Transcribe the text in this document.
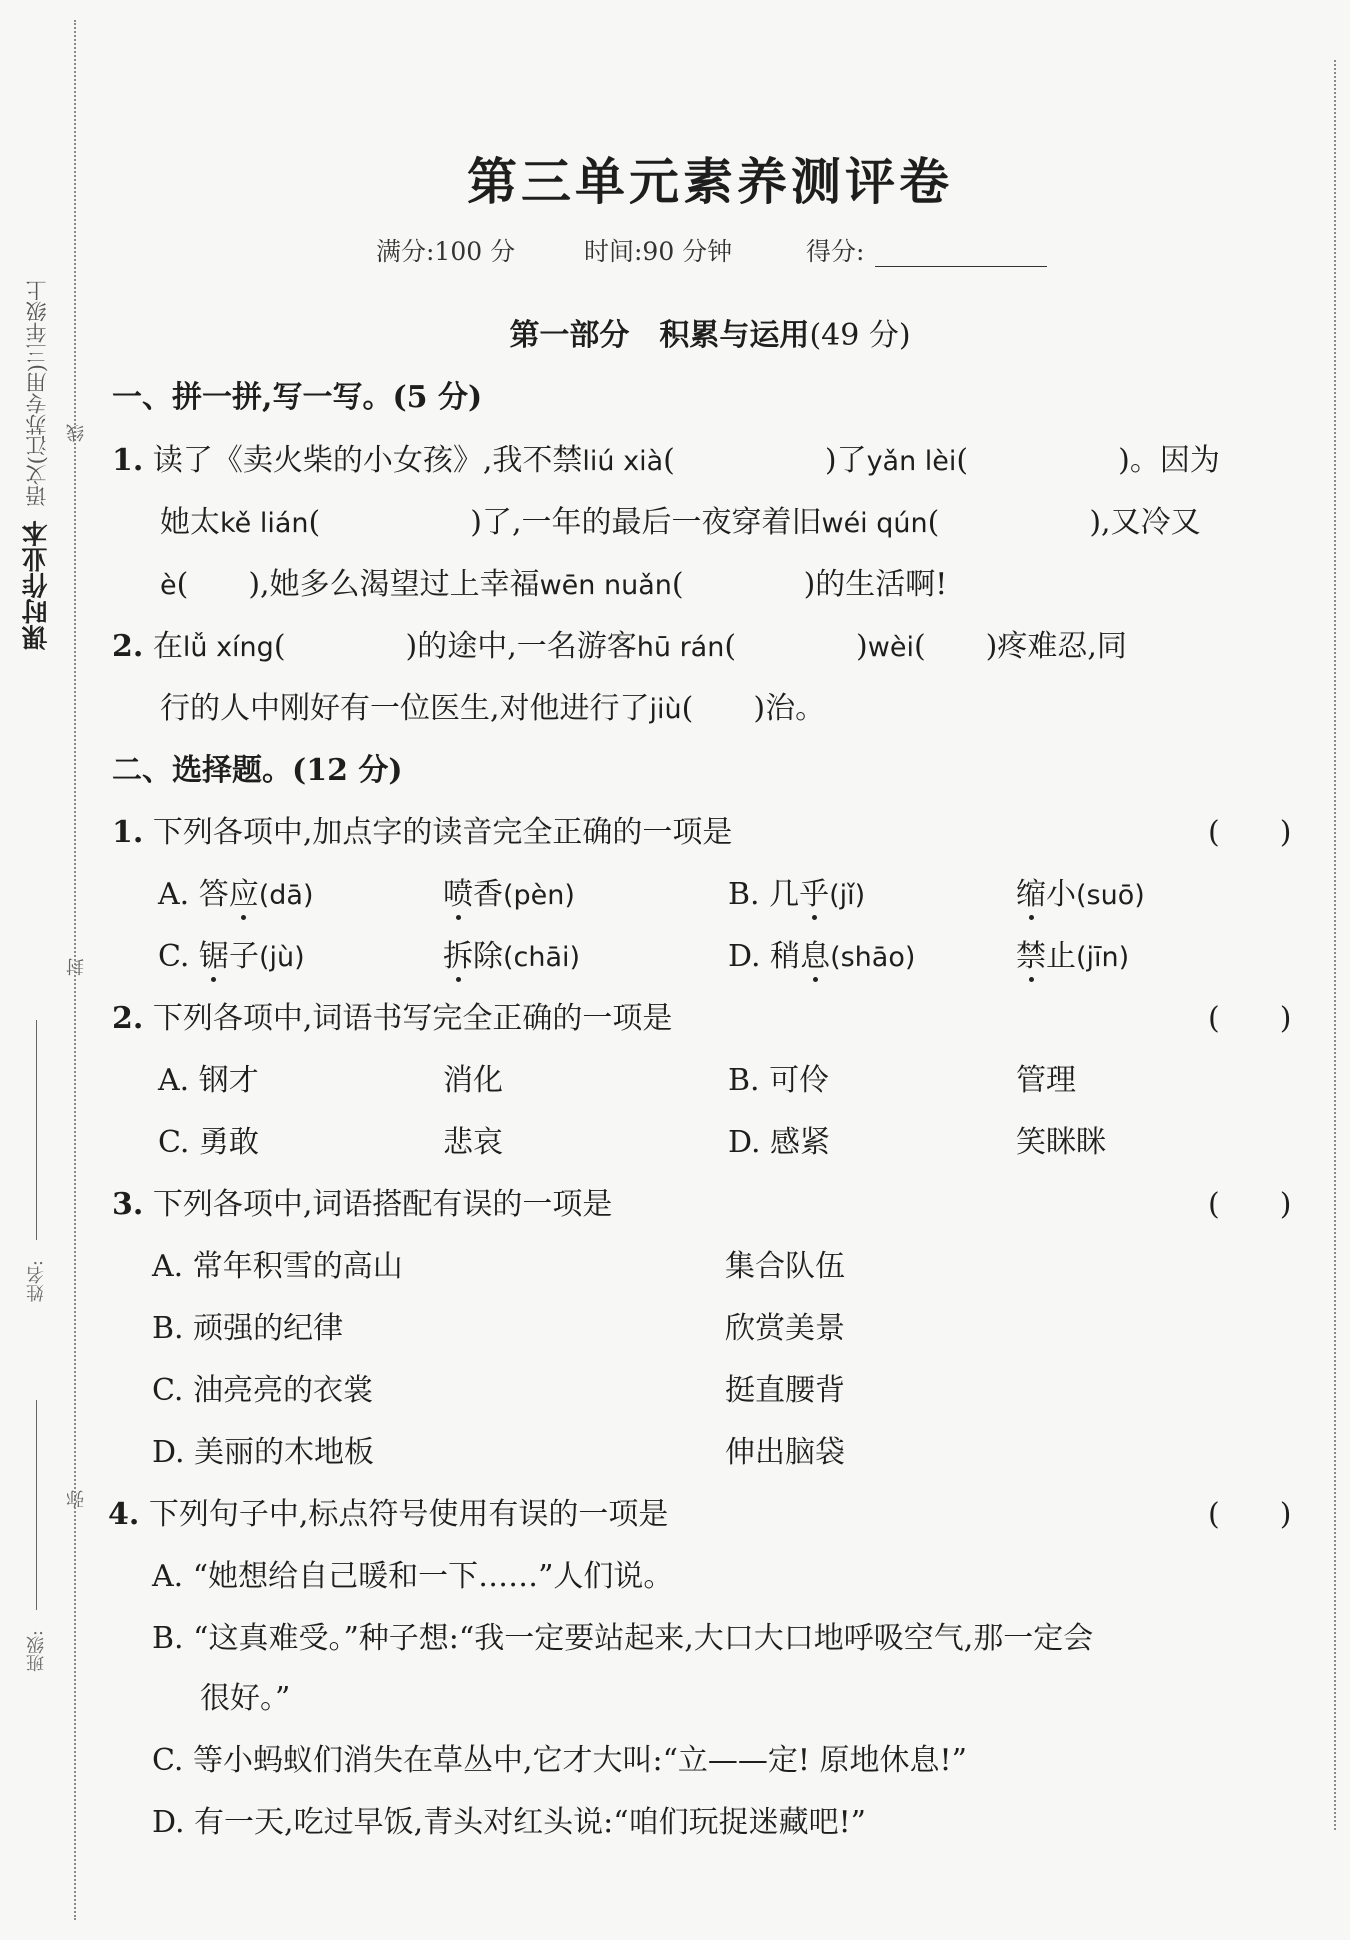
课时作业本语文(江苏专用)三年级上 线
封
弥
姓名:
班级:
第三单元素养测评卷
满分:100 分	时间:90 分钟	得分:
第一部分　积累与运用(49 分)
一、拼一拼,写一写。(5 分)
1. 读了《卖火柴的小女孩》,我不禁liú xià(　　　　　)了yǎn lèi(　　　　　)。因为
她太kě lián(　　　　　)了,一年的最后一夜穿着旧wéi qún(　　　　　),又冷又
è(　　),她多么渴望过上幸福wēn nuǎn(　　　　)的生活啊!
2. 在lǚ xíng(　　　　)的途中,一名游客hū rán(　　　　)wèi(　　)疼难忍,同
行的人中刚好有一位医生,对他进行了jiù(　　)治。
二、选择题。(12 分)
1. 下列各项中,加点字的读音完全正确的一项是	(　　)
A. 答应(dā)	喷香(pèn)	B. 几乎(jǐ)	缩小(suō)
C. 锯子(jù)	拆除(chāi)	D. 稍息(shāo)	禁止(jīn)
2. 下列各项中,词语书写完全正确的一项是	(　　)
A. 钢才	消化	B. 可伶	管理
C. 勇敢	悲哀	D. 感紧	笑眯眯
3. 下列各项中,词语搭配有误的一项是	(　　)
A. 常年积雪的高山	集合队伍
B. 顽强的纪律	欣赏美景
C. 油亮亮的衣裳	挺直腰背
D. 美丽的木地板	伸出脑袋
4. 下列句子中,标点符号使用有误的一项是	(　　)
A. “她想给自己暖和一下……”人们说。
B. “这真难受。”种子想:“我一定要站起来,大口大口地呼吸空气,那一定会
很好。”
C. 等小蚂蚁们消失在草丛中,它才大叫:“立——定! 原地休息!”
D. 有一天,吃过早饭,青头对红头说:“咱们玩捉迷藏吧!”
